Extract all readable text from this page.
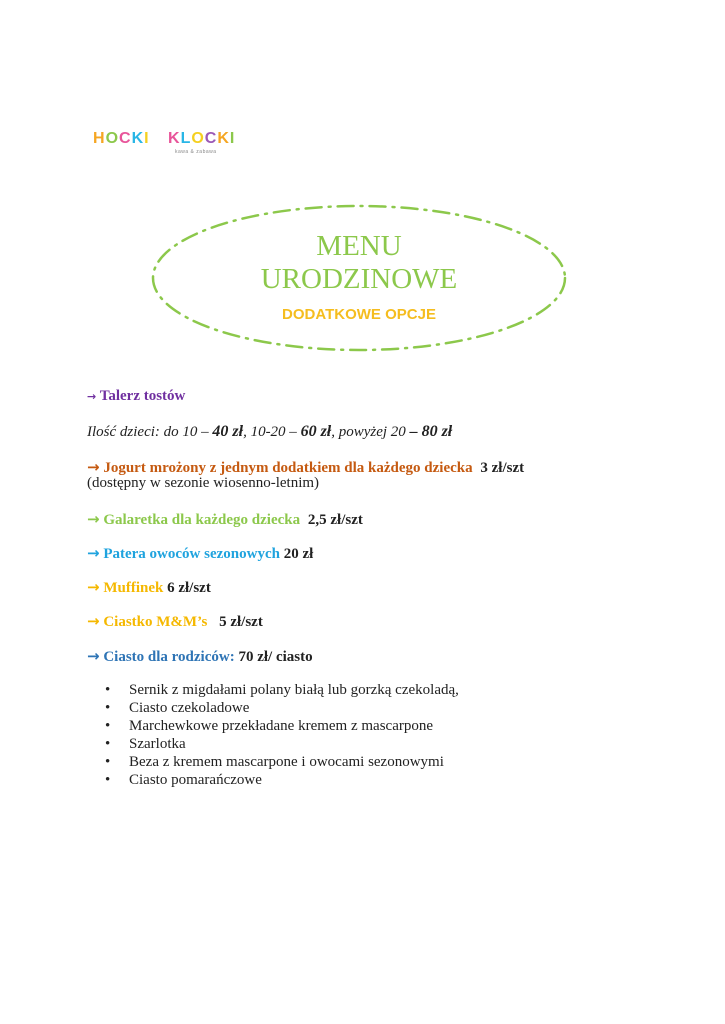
HOCKI KLOCKI
kawa & zabawa
MENU
URODZINOWE
DODATKOWE OPCJE
→ Talerz tostów
Ilość dzieci: do 10 – 40 zł, 10-20 – 60 zł, powyżej 20 – 80 zł
→ Jogurt mrożony z jednym dodatkiem dla każdego dziecka 3 zł/szt
(dostępny w sezonie wiosenno-letnim)
→ Galaretka dla każdego dziecka 2,5 zł/szt
→ Patera owoców sezonowych 20 zł
→ Muffinek 6 zł/szt
→ Ciastko M&M’s 5 zł/szt
→ Ciasto dla rodziców: 70 zł/ ciasto
• Sernik z migdałami polany białą lub gorzką czekoladą,
• Ciasto czekoladowe
• Marchewkowe przekładane kremem z mascarpone
• Szarlotka
• Beza z kremem mascarpone i owocami sezonowymi
• Ciasto pomarańczowe
